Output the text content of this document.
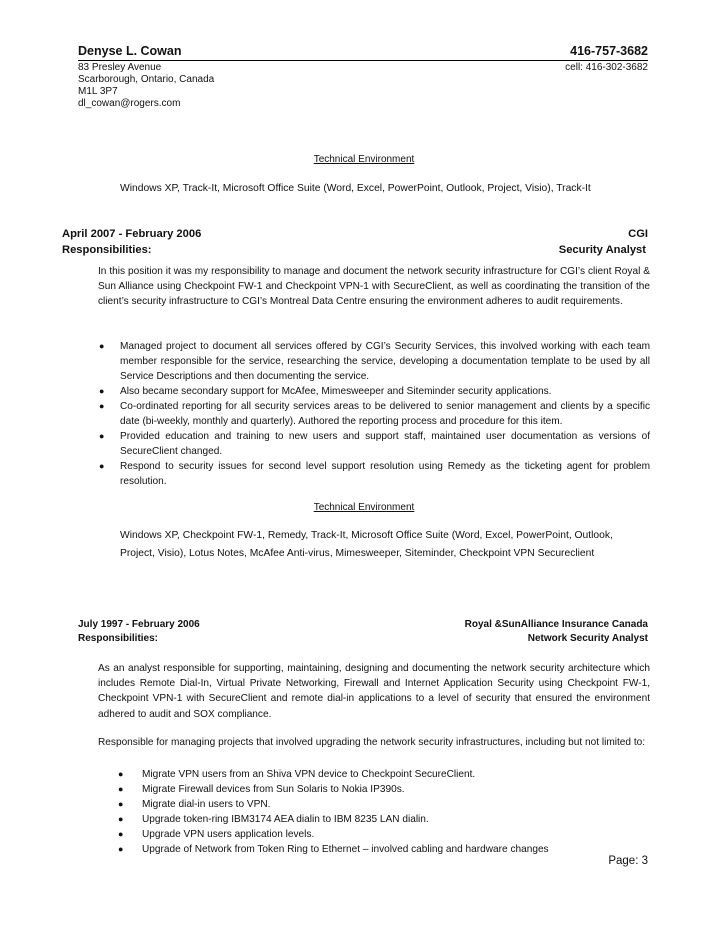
Denyse L. Cowan	416-757-3682
83 Presley Avenue
Scarborough, Ontario, Canada
M1L 3P7
dl_cowan@rogers.com
cell: 416-302-3682
Technical Environment
Windows XP, Track-It, Microsoft Office Suite (Word, Excel, PowerPoint, Outlook, Project, Visio), Track-It
April 2007 - February 2006	CGI
Responsibilities:	Security Analyst
In this position it was my responsibility to manage and document the network security infrastructure for CGI’s client Royal & Sun Alliance using Checkpoint FW-1 and Checkpoint VPN-1 with SecureClient, as well as coordinating the transition of the client’s security infrastructure to CGI’s Montreal Data Centre ensuring the environment adheres to audit requirements.
● Managed project to document all services offered by CGI’s Security Services, this involved working with each team member responsible for the service, researching the service, developing a documentation template to be used by all Service Descriptions and then documenting the service.
● Also became secondary support for McAfee, Mimesweeper and Siteminder security applications.
● Co-ordinated reporting for all security services areas to be delivered to senior management and clients by a specific date (bi-weekly, monthly and quarterly). Authored the reporting process and procedure for this item.
● Provided education and training to new users and support staff, maintained user documentation as versions of SecureClient changed.
● Respond to security issues for second level support resolution using Remedy as the ticketing agent for problem resolution.
Technical Environment
Windows XP, Checkpoint FW-1, Remedy, Track-It, Microsoft Office Suite (Word, Excel, PowerPoint, Outlook, Project, Visio), Lotus Notes, McAfee Anti-virus, Mimesweeper, Siteminder, Checkpoint VPN Secureclient
July 1997 - February 2006	Royal &SunAlliance Insurance Canada
Responsibilities:	Network Security Analyst
As an analyst responsible for supporting, maintaining, designing and documenting the network security architecture which includes Remote Dial-In, Virtual Private Networking, Firewall and Internet Application Security using Checkpoint FW-1, Checkpoint VPN-1 with SecureClient and remote dial-in applications to a level of security that ensured the environment adhered to audit and SOX compliance.
Responsible for managing projects that involved upgrading the network security infrastructures, including but not limited to:
● Migrate VPN users from an Shiva VPN device to Checkpoint SecureClient.
● Migrate Firewall devices from Sun Solaris to Nokia IP390s.
● Migrate dial-in users to VPN.
● Upgrade token-ring IBM3174 AEA dialin to IBM 8235 LAN dialin.
● Upgrade VPN users application levels.
● Upgrade of Network from Token Ring to Ethernet – involved cabling and hardware changes
Page: 3
